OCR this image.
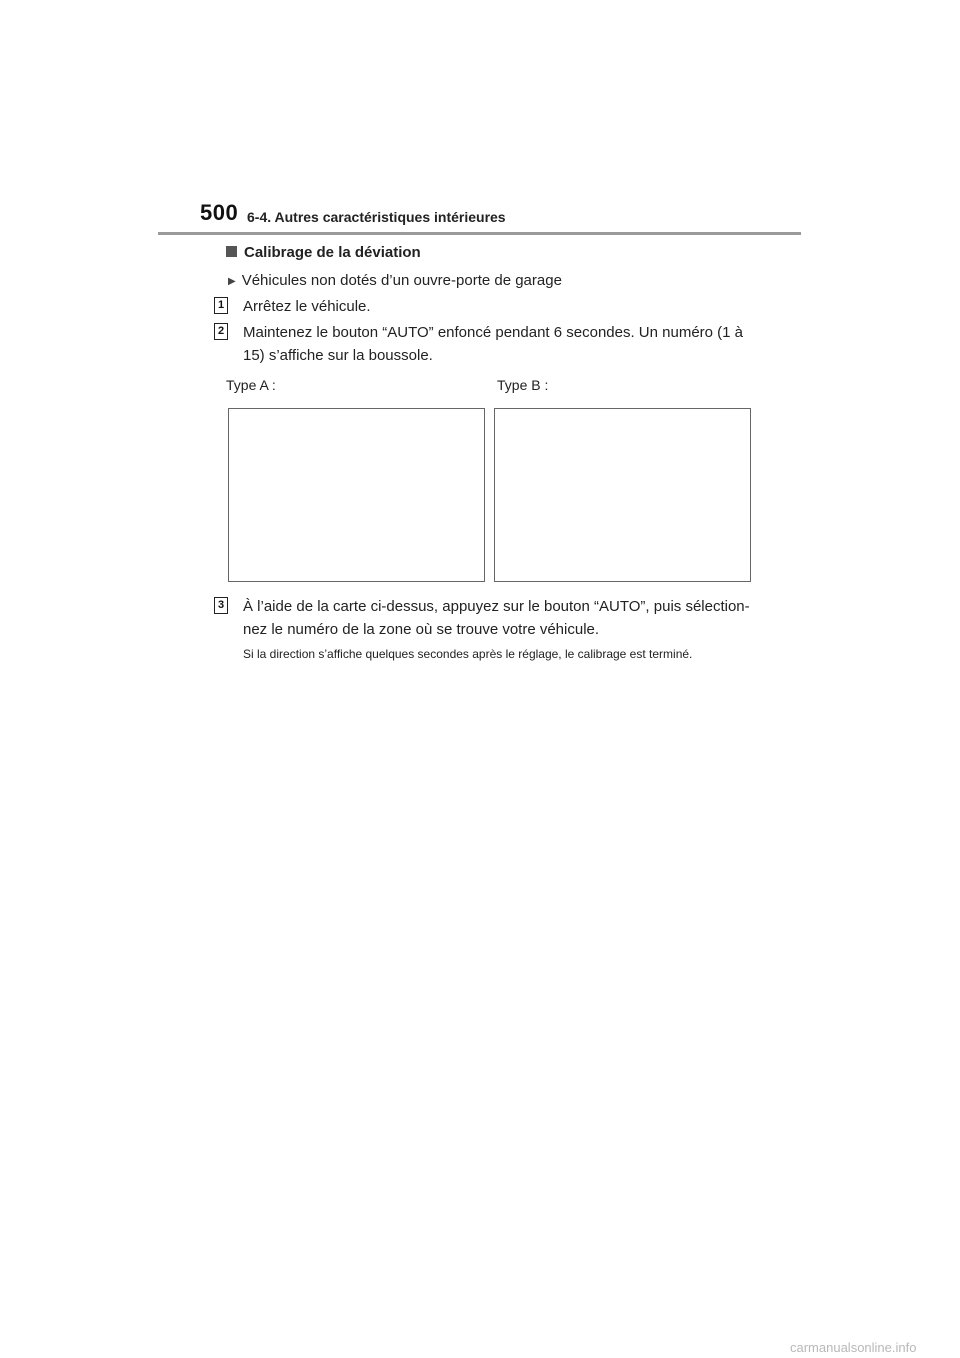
500 6-4. Autres caractéristiques intérieures
Calibrage de la déviation
▶ Véhicules non dotés d’un ouvre-porte de garage
1 Arrêtez le véhicule.
2 Maintenez le bouton “AUTO” enfoncé pendant 6 secondes. Un numéro (1 à
15) s’affiche sur la boussole.
Type A :	Type B :
3 À l’aide de la carte ci-dessus, appuyez sur le bouton “AUTO”, puis sélection-
nez le numéro de la zone où se trouve votre véhicule.
Si la direction s’affiche quelques secondes après le réglage, le calibrage est terminé.
carmanualsonline.info
